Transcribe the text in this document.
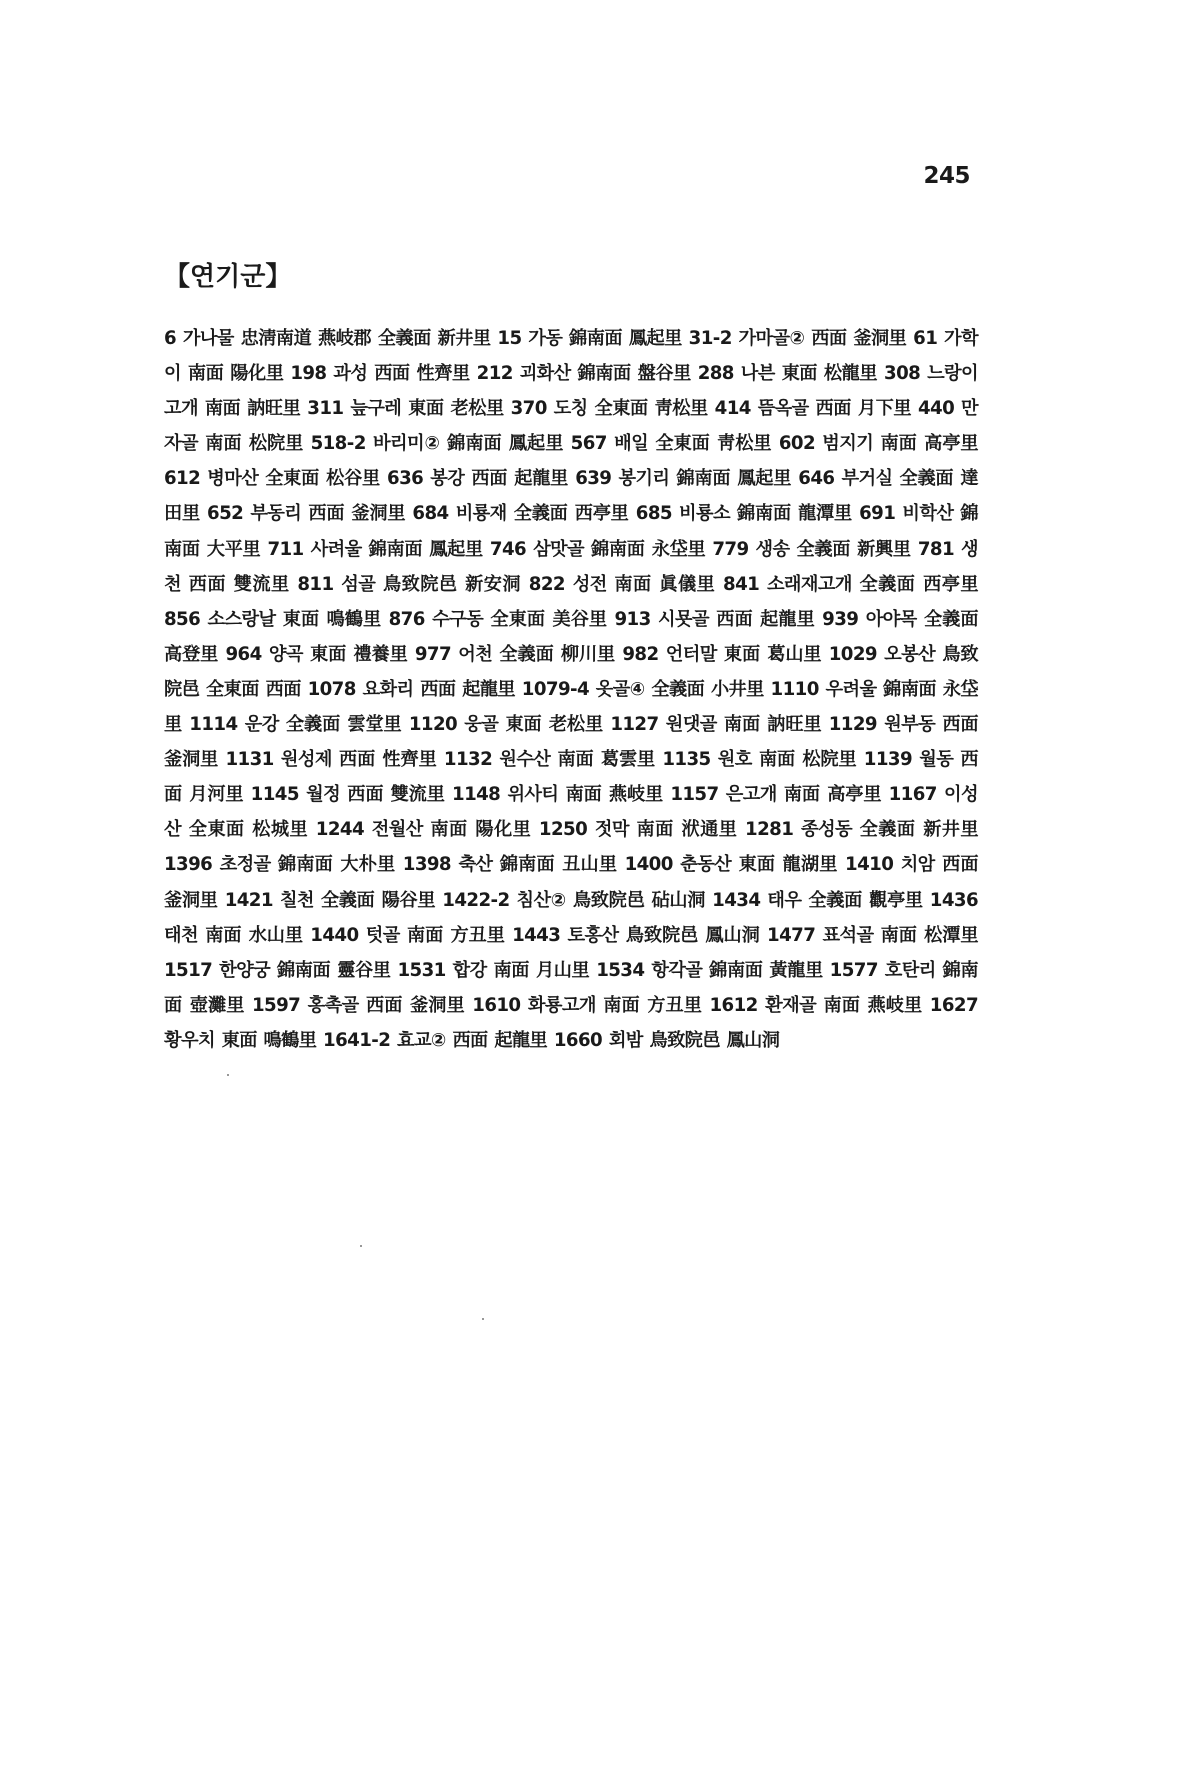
245
【연기군】

6 가나물 忠淸南道 燕岐郡 全義面 新井里 15 가동 錦南面 鳳起里 31-2 가마골② 西面 釜洞里 61 가학이 南面 陽化里 198 과성 西面 性齊里 212 괴화산 錦南面 盤谷里 288 나븐 東面 松龍里 308 느랑이고개 南面 訥旺里 311 늪구레 東面 老松里 370 도칭 全東面 靑松里 414 뜸옥골 西面 月下里 440 만자골 南面 松院里 518-2 바리미② 錦南面 鳳起里 567 배일 全東面 靑松里 602 범지기 南面 高亭里 612 병마산 全東面 松谷里 636 봉강 西面 起龍里 639 봉기리 錦南面 鳳起里 646 부거실 全義面 達田里 652 부동리 西面 釜洞里 684 비룡재 全義面 西亭里 685 비룡소 錦南面 龍潭里 691 비학산 錦南面 大平里 711 사려울 錦南面 鳳起里 746 삼맛골 錦南面 永垈里 779 생송 全義面 新興里 781 생천 西面 雙流里 811 섬골 鳥致院邑 新安洞 822 성전 南面 眞儀里 841 소래재고개 全義面 西亭里 856 소스랑날 東面 鳴鶴里 876 수구동 全東面 美谷里 913 시묫골 西面 起龍里 939 아야목 全義面 高登里 964 양곡 東面 禮養里 977 어천 全義面 柳川里 982 언터말 東面 葛山里 1029 오봉산 鳥致院邑 全東面 西面 1078 요화리 西面 起龍里 1079-4 옷골④ 全義面 小井里 1110 우려울 錦南面 永垈里 1114 운강 全義面 雲堂里 1120 웅골 東面 老松里 1127 원댓골 南面 訥旺里 1129 원부동 西面 釜洞里 1131 원성제 西面 性齊里 1132 원수산 南面 葛雲里 1135 원호 南面 松院里 1139 월동 西面 月河里 1145 월정 西面 雙流里 1148 위사티 南面 燕岐里 1157 은고개 南面 高亭里 1167 이성산 全東面 松城里 1244 전월산 南面 陽化里 1250 젓막 南面 洑通里 1281 종성동 全義面 新井里 1396 초정골 錦南面 大朴里 1398 축산 錦南面 丑山里 1400 춘동산 東面 龍湖里 1410 치암 西面 釜洞里 1421 칠천 全義面 陽谷里 1422-2 침산② 鳥致院邑 砧山洞 1434 태우 全義面 觀亭里 1436 태천 南面 水山里 1440 텃골 南面 方丑里 1443 토홍산 鳥致院邑 鳳山洞 1477 표석골 南面 松潭里 1517 한양궁 錦南面 靈谷里 1531 합강 南面 月山里 1534 항각골 錦南面 黃龍里 1577 호탄리 錦南面 壺灘里 1597 홍촉골 西面 釜洞里 1610 화룡고개 南面 方丑里 1612 환재골 南面 燕岐里 1627 황우치 東面 鳴鶴里 1641-2 효교② 西面 起龍里 1660 회밤 鳥致院邑 鳳山洞
